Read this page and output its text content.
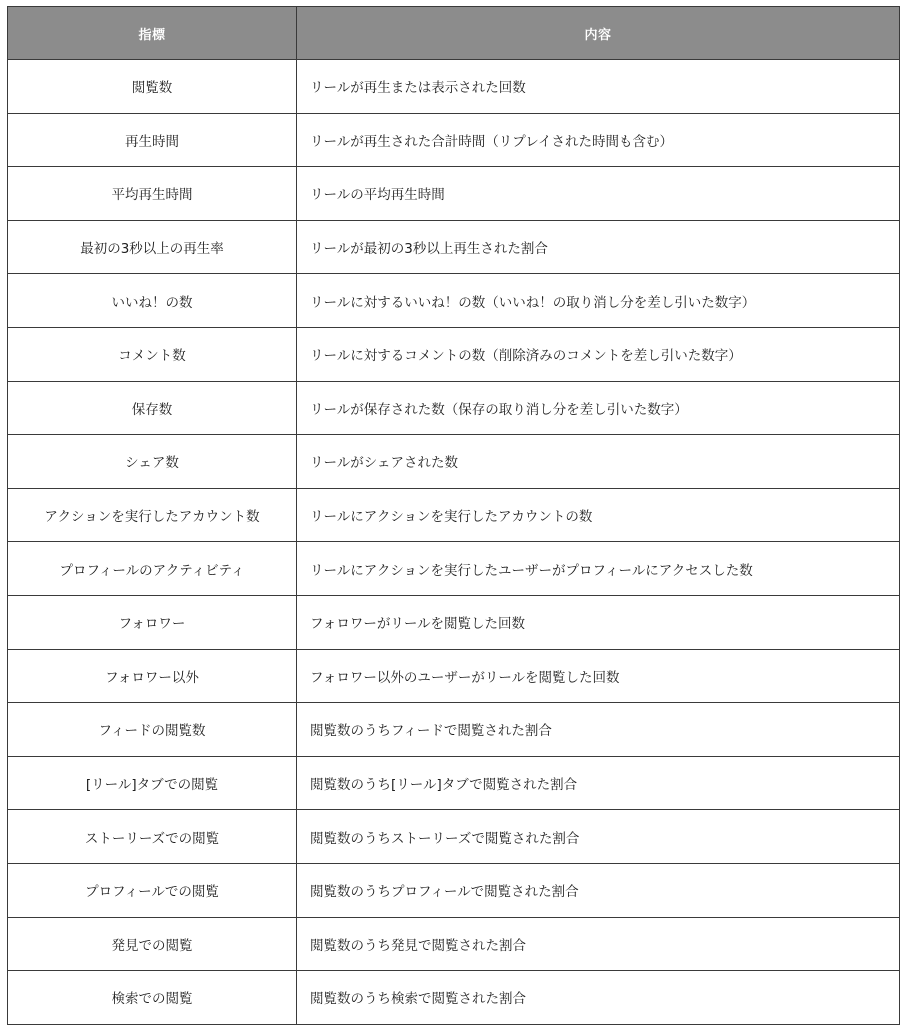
指標	内容
閲覧数	リールが再生または表示された回数
再生時間	リールが再生された合計時間（リプレイされた時間も含む）
平均再生時間	リールの平均再生時間
最初の3秒以上の再生率	リールが最初の3秒以上再生された割合
いいね！の数	リールに対するいいね！の数（いいね！の取り消し分を差し引いた数字）
コメント数	リールに対するコメントの数（削除済みのコメントを差し引いた数字）
保存数	リールが保存された数（保存の取り消し分を差し引いた数字）
シェア数	リールがシェアされた数
アクションを実行したアカウント数	リールにアクションを実行したアカウントの数
プロフィールのアクティビティ	リールにアクションを実行したユーザーがプロフィールにアクセスした数
フォロワー	フォロワーがリールを閲覧した回数
フォロワー以外	フォロワー以外のユーザーがリールを閲覧した回数
フィードの閲覧数	閲覧数のうちフィードで閲覧された割合
[リール]タブでの閲覧	閲覧数のうち[リール]タブで閲覧された割合
ストーリーズでの閲覧	閲覧数のうちストーリーズで閲覧された割合
プロフィールでの閲覧	閲覧数のうちプロフィールで閲覧された割合
発見での閲覧	閲覧数のうち発見で閲覧された割合
検索での閲覧	閲覧数のうち検索で閲覧された割合
